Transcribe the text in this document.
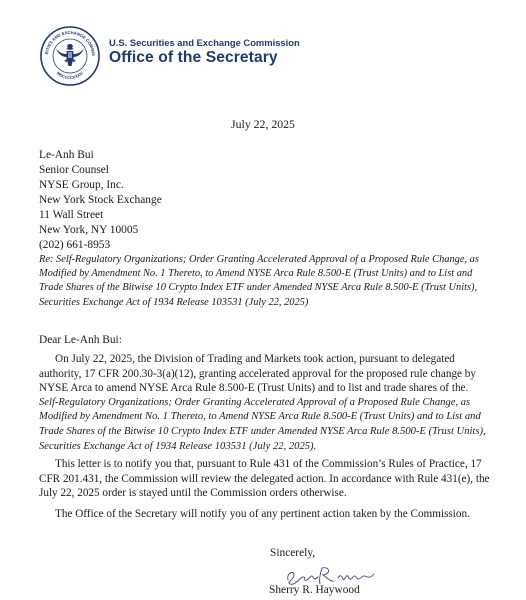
RITIES AND EXCHANGE COMMIS
MDCCCCXXXIV
U.S. Securities and Exchange Commission
Office of the Secretary
July 22, 2025
Le-Anh Bui
Senior Counsel
NYSE Group, Inc.
New York Stock Exchange
11 Wall Street
New York, NY 10005
(202) 661-8953
Re: Self-Regulatory Organizations; Order Granting Accelerated Approval of a Proposed Rule Change, as Modified by Amendment No. 1 Thereto, to Amend NYSE Arca Rule 8.500-E (Trust Units) and to List and Trade Shares of the Bitwise 10 Crypto Index ETF under Amended NYSE Arca Rule 8.500-E (Trust Units), Securities Exchange Act of 1934 Release 103531 (July 22, 2025)
Dear Le-Anh Bui:
On July 22, 2025, the Division of Trading and Markets took action, pursuant to delegated authority, 17 CFR 200.30-3(a)(12), granting accelerated approval for the proposed rule change by NYSE Arca to amend NYSE Arca Rule 8.500-E (Trust Units) and to list and trade shares of the.
Self-Regulatory Organizations; Order Granting Accelerated Approval of a Proposed Rule Change, as Modified by Amendment No. 1 Thereto, to Amend NYSE Arca Rule 8.500-E (Trust Units) and to List and Trade Shares of the Bitwise 10 Crypto Index ETF under Amended NYSE Arca Rule 8.500-E (Trust Units), Securities Exchange Act of 1934 Release 103531 (July 22, 2025).
This letter is to notify you that, pursuant to Rule 431 of the Commission’s Rules of Practice, 17 CFR 201.431, the Commission will review the delegated action. In accordance with Rule 431(e), the July 22, 2025 order is stayed until the Commission orders otherwise.
The Office of the Secretary will notify you of any pertinent action taken by the Commission.
Sincerely,
Sherry R. Haywood
